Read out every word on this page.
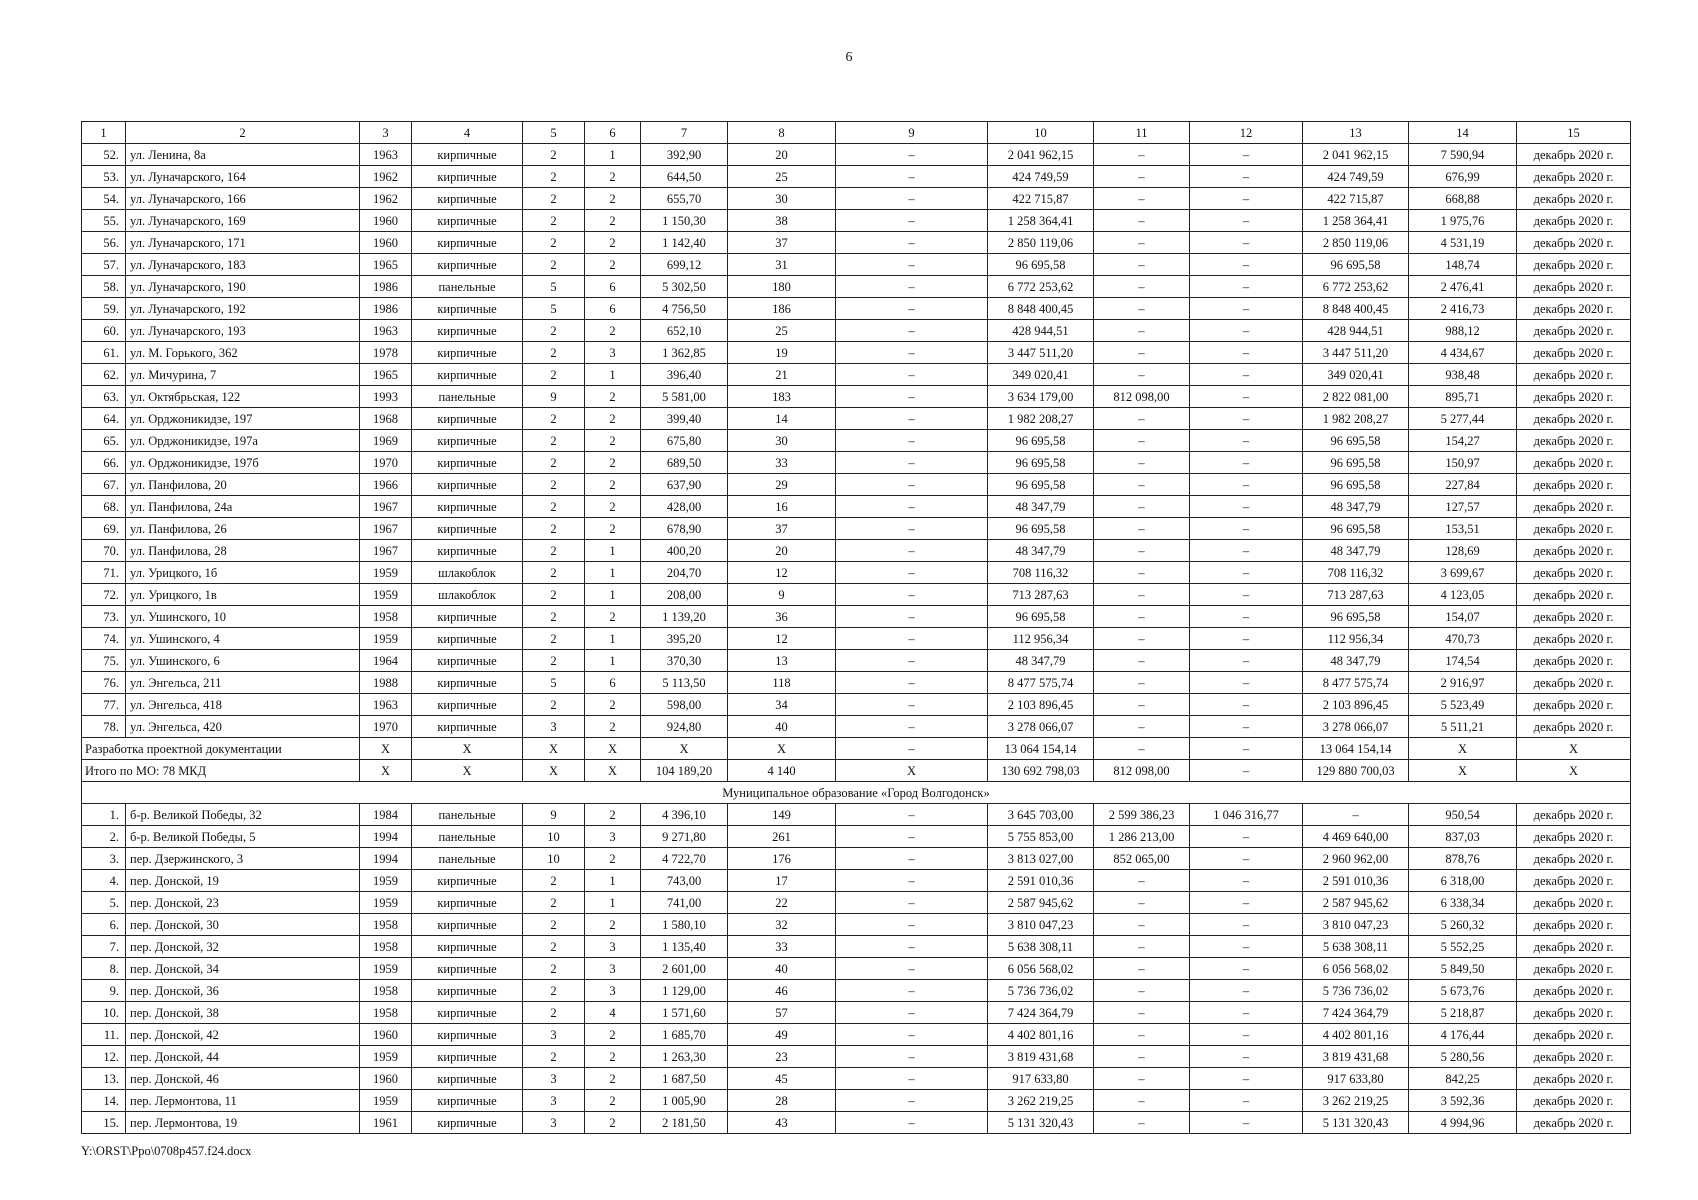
6
1	2	3	4	5	6	7	8	9	10	11	12	13	14	15
52.	ул. Ленина, 8а	1963	кирпичные	2	1	392,90	20	–	2 041 962,15	–	–	2 041 962,15	7 590,94	декабрь 2020 г.
53.	ул. Луначарского, 164	1962	кирпичные	2	2	644,50	25	–	424 749,59	–	–	424 749,59	676,99	декабрь 2020 г.
54.	ул. Луначарского, 166	1962	кирпичные	2	2	655,70	30	–	422 715,87	–	–	422 715,87	668,88	декабрь 2020 г.
55.	ул. Луначарского, 169	1960	кирпичные	2	2	1 150,30	38	–	1 258 364,41	–	–	1 258 364,41	1 975,76	декабрь 2020 г.
56.	ул. Луначарского, 171	1960	кирпичные	2	2	1 142,40	37	–	2 850 119,06	–	–	2 850 119,06	4 531,19	декабрь 2020 г.
57.	ул. Луначарского, 183	1965	кирпичные	2	2	699,12	31	–	96 695,58	–	–	96 695,58	148,74	декабрь 2020 г.
58.	ул. Луначарского, 190	1986	панельные	5	6	5 302,50	180	–	6 772 253,62	–	–	6 772 253,62	2 476,41	декабрь 2020 г.
59.	ул. Луначарского, 192	1986	кирпичные	5	6	4 756,50	186	–	8 848 400,45	–	–	8 848 400,45	2 416,73	декабрь 2020 г.
60.	ул. Луначарского, 193	1963	кирпичные	2	2	652,10	25	–	428 944,51	–	–	428 944,51	988,12	декабрь 2020 г.
61.	ул. М. Горького, 362	1978	кирпичные	2	3	1 362,85	19	–	3 447 511,20	–	–	3 447 511,20	4 434,67	декабрь 2020 г.
62.	ул. Мичурина, 7	1965	кирпичные	2	1	396,40	21	–	349 020,41	–	–	349 020,41	938,48	декабрь 2020 г.
63.	ул. Октябрьская, 122	1993	панельные	9	2	5 581,00	183	–	3 634 179,00	812 098,00	–	2 822 081,00	895,71	декабрь 2020 г.
64.	ул. Орджоникидзе, 197	1968	кирпичные	2	2	399,40	14	–	1 982 208,27	–	–	1 982 208,27	5 277,44	декабрь 2020 г.
65.	ул. Орджоникидзе, 197а	1969	кирпичные	2	2	675,80	30	–	96 695,58	–	–	96 695,58	154,27	декабрь 2020 г.
66.	ул. Орджоникидзе, 197б	1970	кирпичные	2	2	689,50	33	–	96 695,58	–	–	96 695,58	150,97	декабрь 2020 г.
67.	ул. Панфилова, 20	1966	кирпичные	2	2	637,90	29	–	96 695,58	–	–	96 695,58	227,84	декабрь 2020 г.
68.	ул. Панфилова, 24а	1967	кирпичные	2	2	428,00	16	–	48 347,79	–	–	48 347,79	127,57	декабрь 2020 г.
69.	ул. Панфилова, 26	1967	кирпичные	2	2	678,90	37	–	96 695,58	–	–	96 695,58	153,51	декабрь 2020 г.
70.	ул. Панфилова, 28	1967	кирпичные	2	1	400,20	20	–	48 347,79	–	–	48 347,79	128,69	декабрь 2020 г.
71.	ул. Урицкого, 1б	1959	шлакоблок	2	1	204,70	12	–	708 116,32	–	–	708 116,32	3 699,67	декабрь 2020 г.
72.	ул. Урицкого, 1в	1959	шлакоблок	2	1	208,00	9	–	713 287,63	–	–	713 287,63	4 123,05	декабрь 2020 г.
73.	ул. Ушинского, 10	1958	кирпичные	2	2	1 139,20	36	–	96 695,58	–	–	96 695,58	154,07	декабрь 2020 г.
74.	ул. Ушинского, 4	1959	кирпичные	2	1	395,20	12	–	112 956,34	–	–	112 956,34	470,73	декабрь 2020 г.
75.	ул. Ушинского, 6	1964	кирпичные	2	1	370,30	13	–	48 347,79	–	–	48 347,79	174,54	декабрь 2020 г.
76.	ул. Энгельса, 211	1988	кирпичные	5	6	5 113,50	118	–	8 477 575,74	–	–	8 477 575,74	2 916,97	декабрь 2020 г.
77.	ул. Энгельса, 418	1963	кирпичные	2	2	598,00	34	–	2 103 896,45	–	–	2 103 896,45	5 523,49	декабрь 2020 г.
78.	ул. Энгельса, 420	1970	кирпичные	3	2	924,80	40	–	3 278 066,07	–	–	3 278 066,07	5 511,21	декабрь 2020 г.
Разработка проектной документации		X	X	X	X	X	X	–	13 064 154,14	–	–	13 064 154,14	X	X
Итого по МО: 78 МКД		X	X	X	X	104 189,20	4 140	X	130 692 798,03	812 098,00	–	129 880 700,03	X	X
Муниципальное образование «Город Волгодонск»														
1.	б-р. Великой Победы, 32	1984	панельные	9	2	4 396,10	149	–	3 645 703,00	2 599 386,23	1 046 316,77	–	950,54	декабрь 2020 г.
2.	б-р. Великой Победы, 5	1994	панельные	10	3	9 271,80	261	–	5 755 853,00	1 286 213,00	–	4 469 640,00	837,03	декабрь 2020 г.
3.	пер. Дзержинского, 3	1994	панельные	10	2	4 722,70	176	–	3 813 027,00	852 065,00	–	2 960 962,00	878,76	декабрь 2020 г.
4.	пер. Донской, 19	1959	кирпичные	2	1	743,00	17	–	2 591 010,36	–	–	2 591 010,36	6 318,00	декабрь 2020 г.
5.	пер. Донской, 23	1959	кирпичные	2	1	741,00	22	–	2 587 945,62	–	–	2 587 945,62	6 338,34	декабрь 2020 г.
6.	пер. Донской, 30	1958	кирпичные	2	2	1 580,10	32	–	3 810 047,23	–	–	3 810 047,23	5 260,32	декабрь 2020 г.
7.	пер. Донской, 32	1958	кирпичные	2	3	1 135,40	33	–	5 638 308,11	–	–	5 638 308,11	5 552,25	декабрь 2020 г.
8.	пер. Донской, 34	1959	кирпичные	2	3	2 601,00	40	–	6 056 568,02	–	–	6 056 568,02	5 849,50	декабрь 2020 г.
9.	пер. Донской, 36	1958	кирпичные	2	3	1 129,00	46	–	5 736 736,02	–	–	5 736 736,02	5 673,76	декабрь 2020 г.
10.	пер. Донской, 38	1958	кирпичные	2	4	1 571,60	57	–	7 424 364,79	–	–	7 424 364,79	5 218,87	декабрь 2020 г.
11.	пер. Донской, 42	1960	кирпичные	3	2	1 685,70	49	–	4 402 801,16	–	–	4 402 801,16	4 176,44	декабрь 2020 г.
12.	пер. Донской, 44	1959	кирпичные	2	2	1 263,30	23	–	3 819 431,68	–	–	3 819 431,68	5 280,56	декабрь 2020 г.
13.	пер. Донской, 46	1960	кирпичные	3	2	1 687,50	45	–	917 633,80	–	–	917 633,80	842,25	декабрь 2020 г.
14.	пер. Лермонтова, 11	1959	кирпичные	3	2	1 005,90	28	–	3 262 219,25	–	–	3 262 219,25	3 592,36	декабрь 2020 г.
15.	пер. Лермонтова, 19	1961	кирпичные	3	2	2 181,50	43	–	5 131 320,43	–	–	5 131 320,43	4 994,96	декабрь 2020 г.
Y:\ORST\Ppo\0708p457.f24.docx
